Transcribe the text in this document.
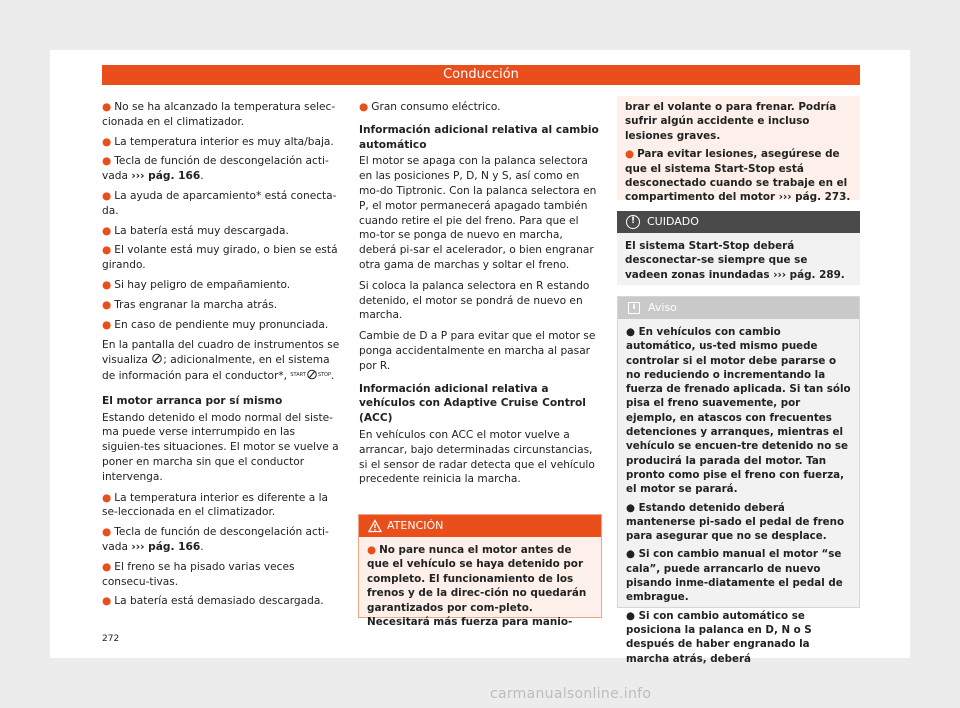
Conducción

● No se ha alcanzado la temperatura selec-cionada en el climatizador.

● La temperatura interior es muy alta/baja.

● Tecla de función de descongelación acti-vada ››› pág. 166.

● La ayuda de aparcamiento* está conecta-da.

● La batería está muy descargada.

● El volante está muy girado, o bien se está girando.

● Si hay peligro de empañamiento.

● Tras engranar la marcha atrás.

● En caso de pendiente muy pronunciada.

En la pantalla del cuadro de instrumentos se visualiza ; adicionalmente, en el sistema de información para el conductor*, $^{START}$ $^{STOP}$.

El motor arranca por sí mismo

Estando detenido el modo normal del siste-ma puede verse interrumpido en las siguien-tes situaciones. El motor se vuelve a poner en marcha sin que el conductor intervenga.

● La temperatura interior es diferente a la se-leccionada en el climatizador.

● Tecla de función de descongelación acti-vada ››› pág. 166.

● El freno se ha pisado varias veces consecu-tivas.

● La batería está demasiado descargada.

● Gran consumo eléctrico.

Información adicional relativa al cambio automático

El motor se apaga con la palanca selectora en las posiciones P, D, N y S, así como en mo-do Tiptronic. Con la palanca selectora en P, el motor permanecerá apagado también cuando retire el pie del freno. Para que el mo-tor se ponga de nuevo en marcha, deberá pi-sar el acelerador, o bien engranar otra gama de marchas y soltar el freno.

Si coloca la palanca selectora en R estando detenido, el motor se pondrá de nuevo en marcha.

Cambie de D a P para evitar que el motor se ponga accidentalmente en marcha al pasar por R.

Información adicional relativa a vehículos con Adaptive Cruise Control (ACC)

En vehículos con ACC el motor vuelve a arrancar, bajo determinadas circunstancias, si el sensor de radar detecta que el vehículo precedente reinicia la marcha.

ATENCIÓN
● No pare nunca el motor antes de que el vehículo se haya detenido por completo. El funcionamiento de los frenos y de la direc-ción no quedarán garantizados por com-pleto. Necesitará más fuerza para manio-

brar el volante o para frenar. Podría sufrir algún accidente e incluso lesiones graves.

● Para evitar lesiones, asegúrese de que el sistema Start-Stop está desconectado cuando se trabaje en el compartimento del motor ››› pág. 273.

!	CUIDADO
El sistema Start-Stop deberá desconectar-se siempre que se vadeen zonas inundadas ››› pág. 289.
i	Aviso

● En vehículos con cambio automático, us-ted mismo puede controlar si el motor debe pararse o no reduciendo o incrementando la fuerza de frenado aplicada. Si tan sólo pisa el freno suavemente, por ejemplo, en atascos con frecuentes detenciones y arranques, mientras el vehículo se encuen-tre detenido no se producirá la parada del motor. Tan pronto como pise el freno con fuerza, el motor se parará.

● Estando detenido deberá mantenerse pi-sado el pedal de freno para asegurar que no se desplace.

● Si con cambio manual el motor “se cala”, puede arrancarlo de nuevo pisando inme-diatamente el pedal de embrague.

● Si con cambio automático se posiciona la palanca en D, N o S después de haber engranado la marcha atrás, deberá

272
carmanualsonline.info
